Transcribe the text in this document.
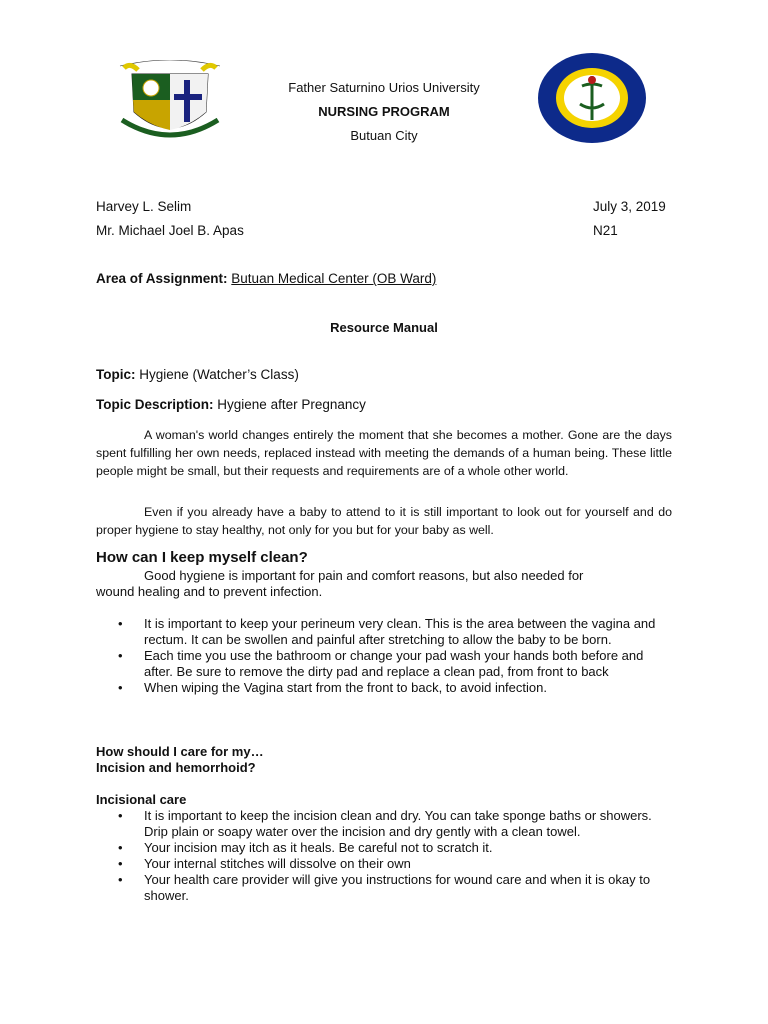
Father Saturnino Urios University
NURSING PROGRAM
Butuan City
Harvey L. Selim	July 3, 2019
Mr. Michael Joel B. Apas	N21
Area of Assignment: Butuan Medical Center (OB Ward)
Resource Manual
Topic: Hygiene (Watcher’s Class)
Topic Description: Hygiene after Pregnancy

A woman's world changes entirely the moment that she becomes a mother. Gone are the days spent fulfilling her own needs, replaced instead with meeting the demands of a human being. These little people might be small, but their requests and requirements are of a whole other world.

Even if you already have a baby to attend to it is still important to look out for yourself and do proper hygiene to stay healthy, not only for you but for your baby as well.

How can I keep myself clean?
Good hygiene is important for pain and comfort reasons, but also needed for
wound healing and to prevent infection.
• It is important to keep your perineum very clean. This is the area between the vagina and rectum. It can be swollen and painful after stretching to allow the baby to be born.
• Each time you use the bathroom or change your pad wash your hands both before and after. Be sure to remove the dirty pad and replace a clean pad, from front to back
• When wiping the Vagina start from the front to back, to avoid infection.
How should I care for my…
Incision and hemorrhoid?
Incisional care
• It is important to keep the incision clean and dry. You can take sponge baths or showers. Drip plain or soapy water over the incision and dry gently with a clean towel.
• Your incision may itch as it heals. Be careful not to scratch it.
• Your internal stitches will dissolve on their own
• Your health care provider will give you instructions for wound care and when it is okay to shower.
